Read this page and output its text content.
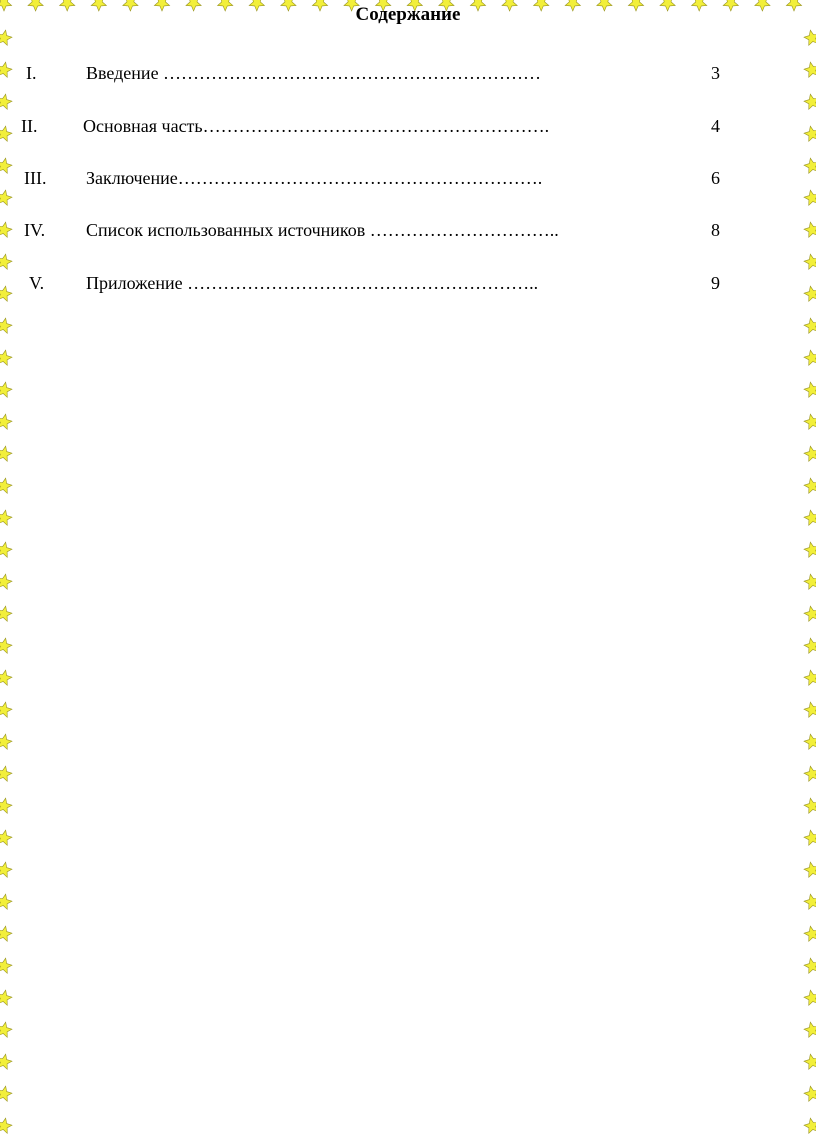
Содержание
I.	Введение ………………………………………………………	3
II.	Основная часть………………………………………………….	4
III. Заключение…………………………………………………….	6
IV. Список использованных источников …………………………..	8
V. Приложение …………………………………………………..	9
